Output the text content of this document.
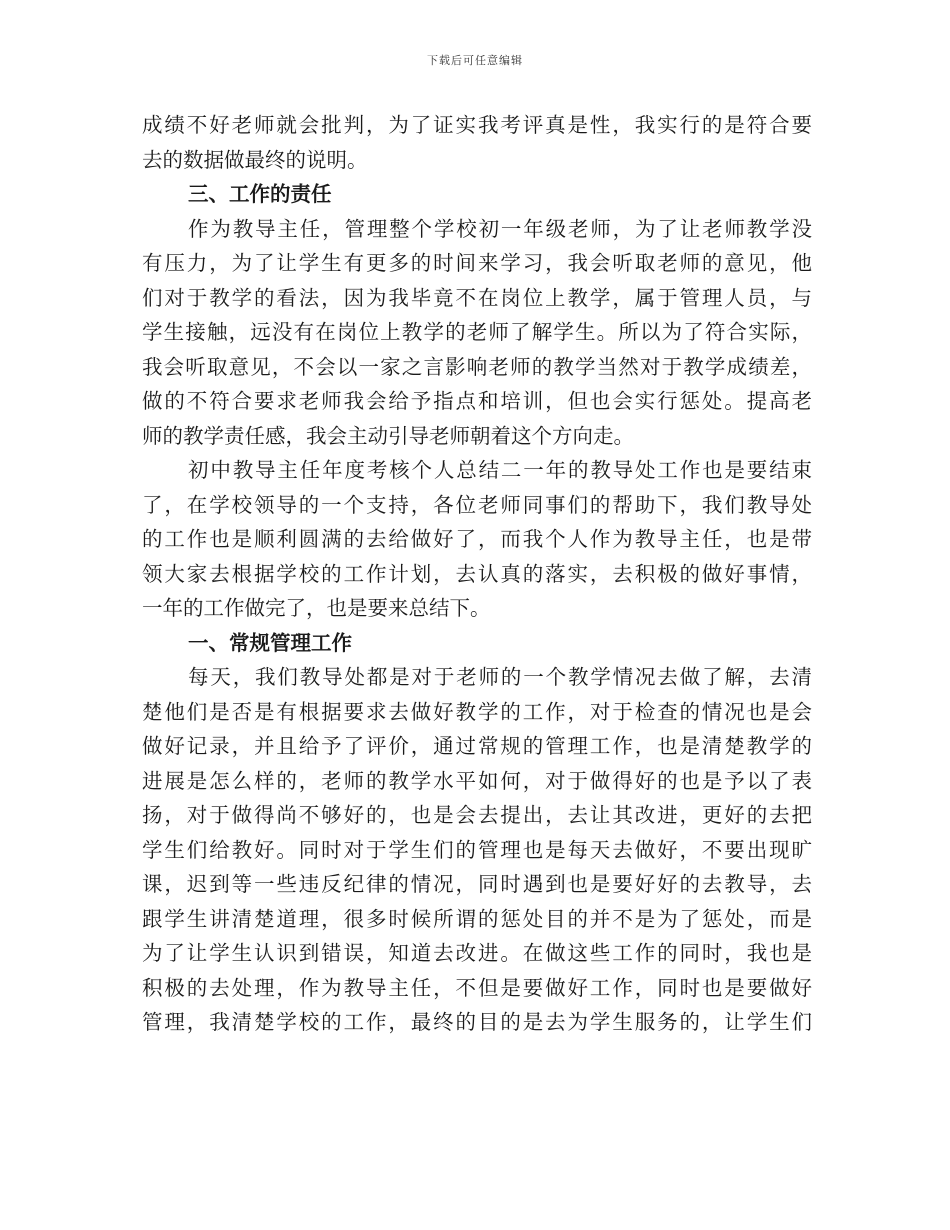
下载后可任意编辑
成绩不好老师就会批判，为了证实我考评真是性，我实行的是符合要
去的数据做最终的说明。
三、工作的责任
作为教导主任，管理整个学校初一年级老师，为了让老师教学没
有压力，为了让学生有更多的时间来学习，我会听取老师的意见，他
们对于教学的看法，因为我毕竟不在岗位上教学，属于管理人员，与
学生接触，远没有在岗位上教学的老师了解学生。所以为了符合实际，
我会听取意见，不会以一家之言影响老师的教学当然对于教学成绩差，
做的不符合要求老师我会给予指点和培训，但也会实行惩处。提高老
师的教学责任感，我会主动引导老师朝着这个方向走。
初中教导主任年度考核个人总结二一年的教导处工作也是要结束
了，在学校领导的一个支持，各位老师同事们的帮助下，我们教导处
的工作也是顺利圆满的去给做好了，而我个人作为教导主任，也是带
领大家去根据学校的工作计划，去认真的落实，去积极的做好事情，
一年的工作做完了，也是要来总结下。
一、常规管理工作
每天，我们教导处都是对于老师的一个教学情况去做了解，去清
楚他们是否是有根据要求去做好教学的工作，对于检查的情况也是会
做好记录，并且给予了评价，通过常规的管理工作，也是清楚教学的
进展是怎么样的，老师的教学水平如何，对于做得好的也是予以了表
扬，对于做得尚不够好的，也是会去提出，去让其改进，更好的去把
学生们给教好。同时对于学生们的管理也是每天去做好，不要出现旷
课，迟到等一些违反纪律的情况，同时遇到也是要好好的去教导，去
跟学生讲清楚道理，很多时候所谓的惩处目的并不是为了惩处，而是
为了让学生认识到错误，知道去改进。在做这些工作的同时，我也是
积极的去处理，作为教导主任，不但是要做好工作，同时也是要做好
管理，我清楚学校的工作，最终的目的是去为学生服务的，让学生们
